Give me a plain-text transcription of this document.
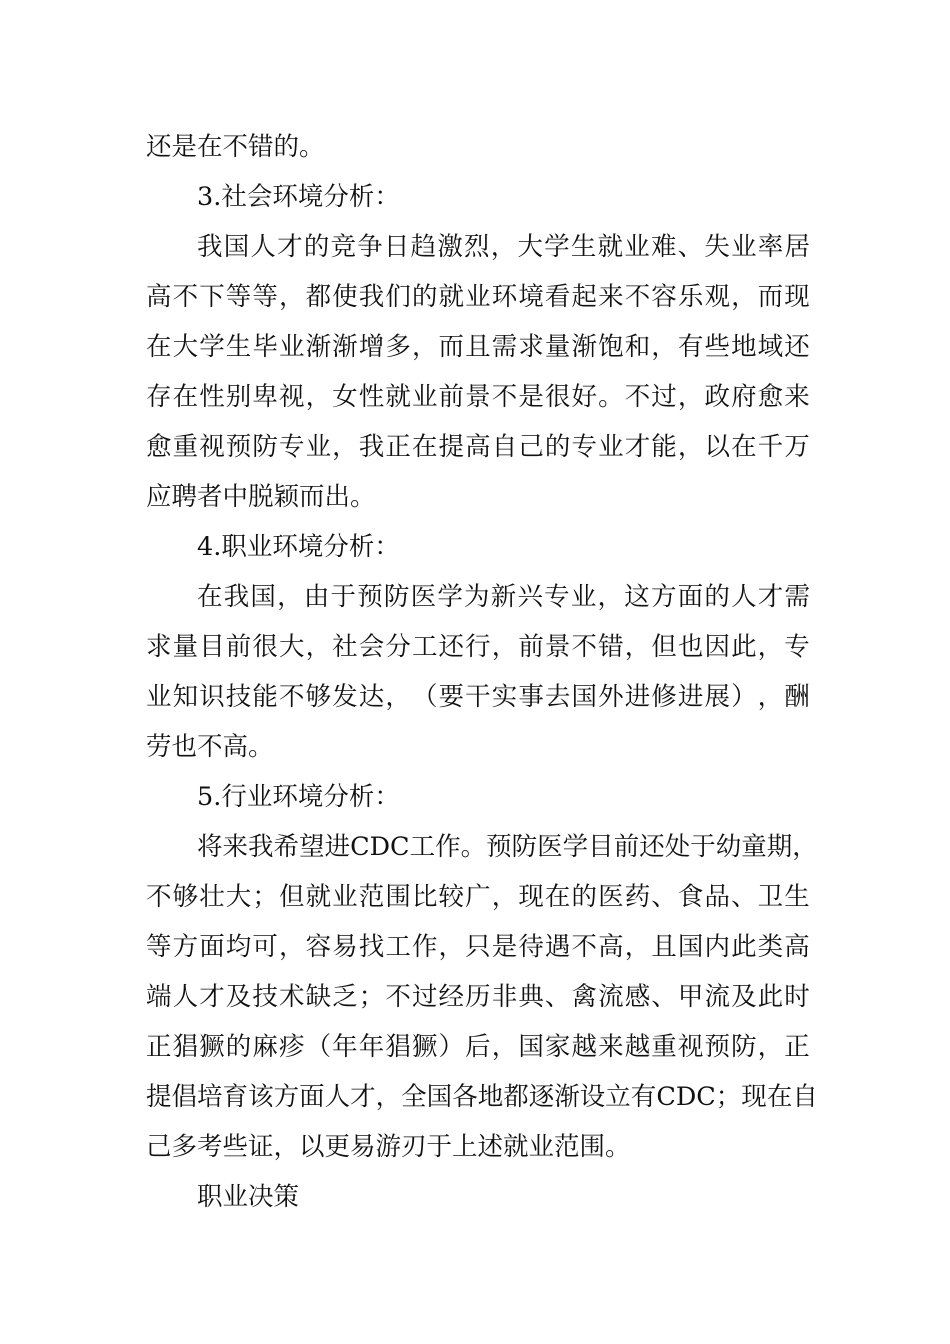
还是在不错的。
3.社会环境分析：
我 国 人 才 的 竞 争 日 趋 激 烈 ， 大 学 生 就 业 难 、 失 业 率 居
高 不 下 等 等 ， 都 使 我 们 的 就 业 环 境 看 起 来 不 容 乐 观 ， 而 现
在 大 学 生 毕 业 渐 渐 增 多 ， 而 且 需 求 量 渐 饱 和 ， 有 些 地 域 还
存 在 性 别 卑 视 ， 女 性 就 业 前 景 不 是 很 好 。 不 过 ， 政 府 愈 来
愈 重 视 预 防 专 业 ， 我 正 在 提 高 自 己 的 专 业 才 能 ， 以 在 千 万
应聘者中脱颖而出。
4.职业环境分析：
在 我 国 ， 由 于 预 防 医 学 为 新 兴 专 业 ， 这 方 面 的 人 才 需
求 量 目 前 很 大 ， 社 会 分 工 还 行 ， 前 景 不 错 ， 但 也 因 此 ， 专
业 知 识 技 能 不 够 发 达 ， （ 要 干 实 事 去 国 外 进 修 进 展 ） ， 酬
劳也不高。
5.行业环境分析：
将 来 我 希 望 进 CDC 工 作 。 预 防 医 学 目 前 还 处 于 幼 童 期 ，
不 够 壮 大 ； 但 就 业 范 围 比 较 广 ， 现 在 的 医 药 、 食 品 、 卫 生
等 方 面 均 可 ， 容 易 找 工 作 ， 只 是 待 遇 不 高 ， 且 国 内 此 类 高
端 人 才 及 技 术 缺 乏 ； 不 过 经 历 非 典 、 禽 流 感 、 甲 流 及 此 时
正 猖 獗 的 麻 疹 （ 年 年 猖 獗 ） 后 ， 国 家 越 来 越 重 视 预 防 ， 正
提 倡 培 育 该 方 面 人 才 ， 全 国 各 地 都 逐 渐 设 立 有 CDC ； 现 在 自
己多考些证，以更易游刃于上述就业范围。
职业决策
